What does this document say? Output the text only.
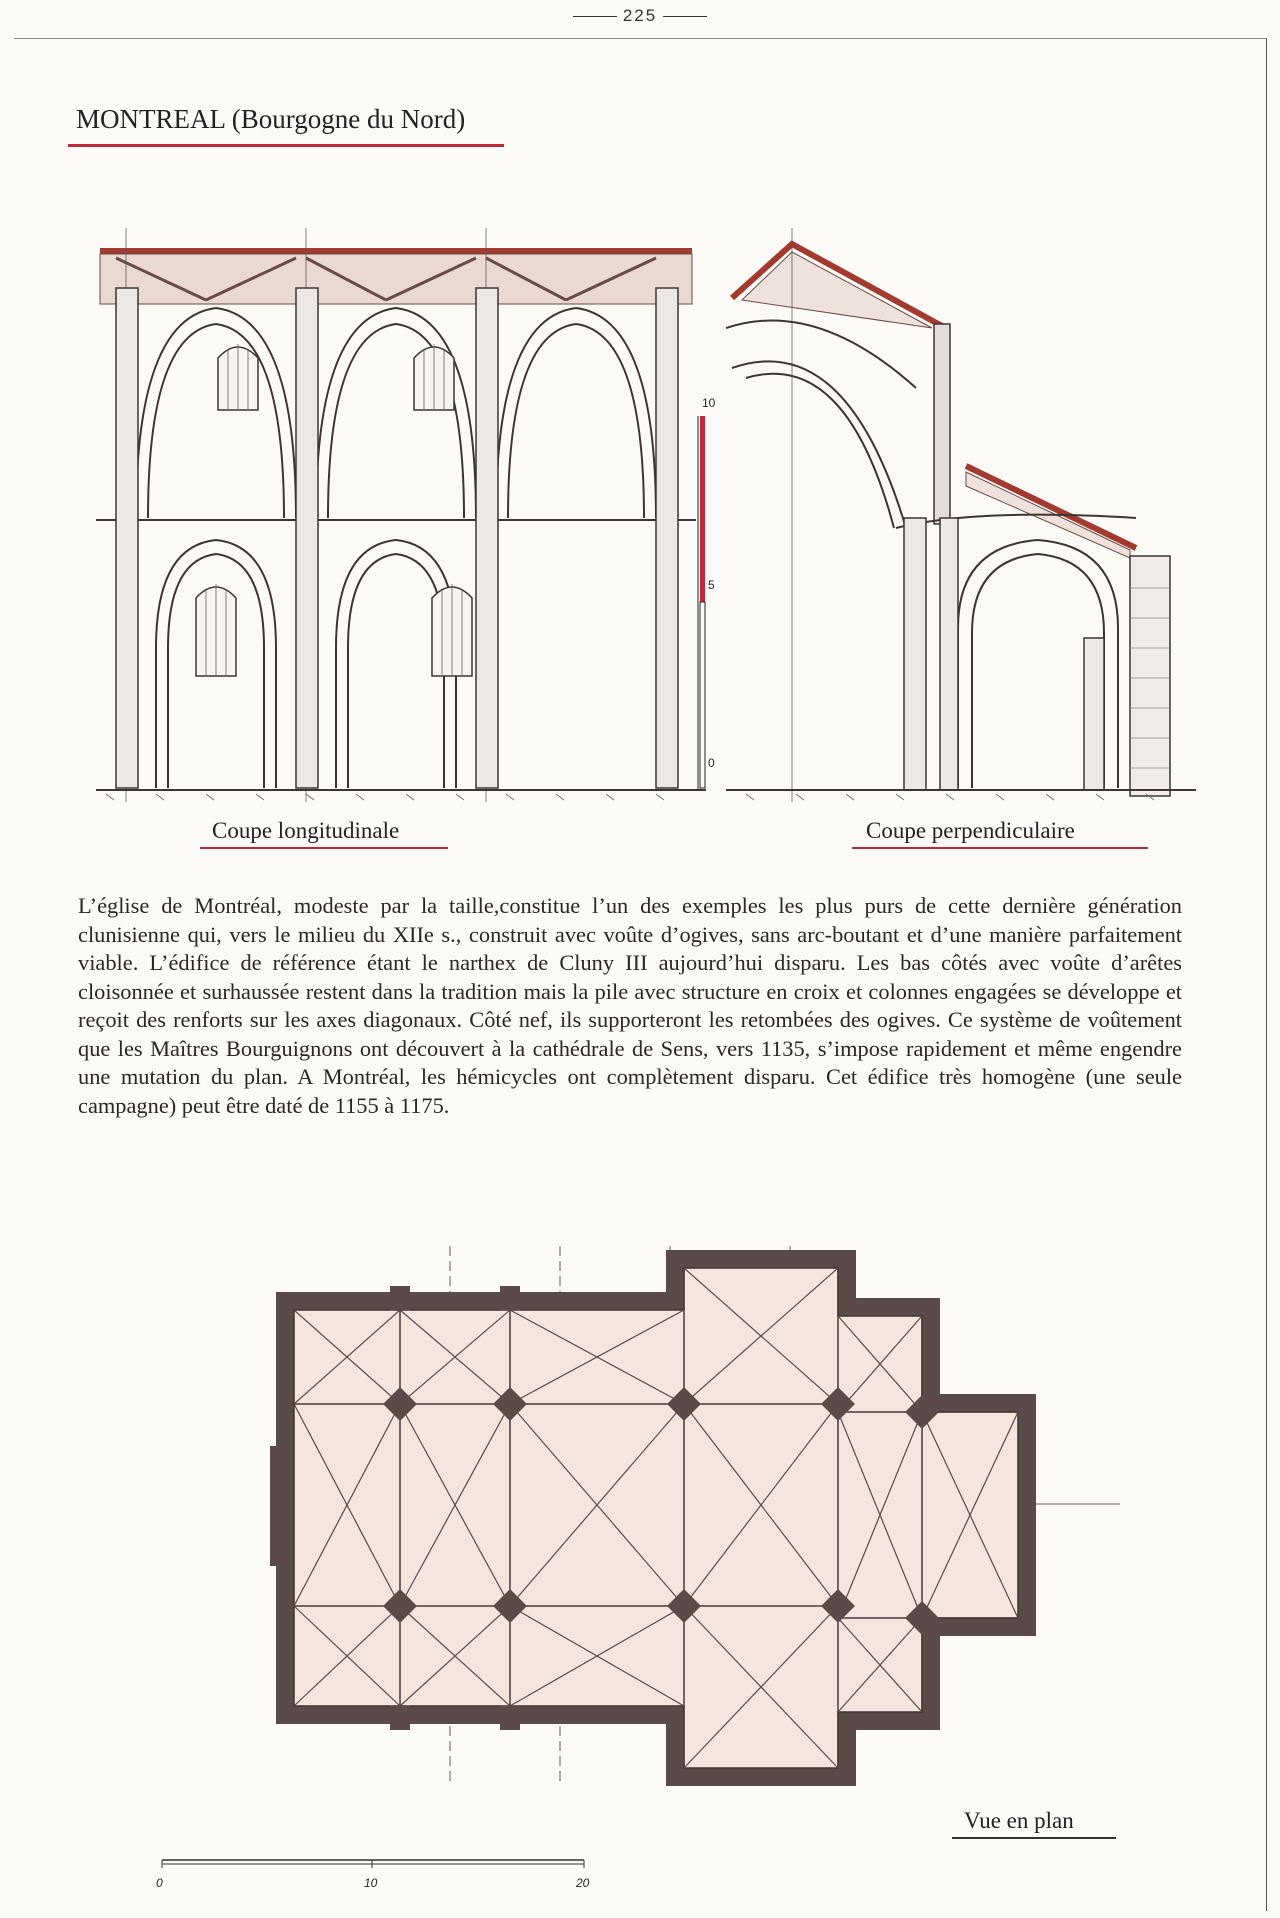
225
MONTREAL (Bourgogne du Nord)
10
5
0
Coupe longitudinale	Coupe perpendiculaire

L’église de Montréal, modeste par la taille,constitue l’un des exemples les plus purs de cette dernière génération clunisienne qui, vers le milieu du XIIe s., construit avec voûte d’ogives, sans arc-boutant et d’une manière parfaitement viable. L’édifice de référence étant le narthex de Cluny III aujourd’hui disparu. Les bas côtés avec voûte d’arêtes cloisonnée et surhaussée restent dans la tradition mais la pile avec structure en croix et colonnes engagées se développe et reçoit des renforts sur les axes diagonaux. Côté nef, ils supporteront les retombées des ogives. Ce système de voûtement que les Maîtres Bourguignons ont découvert à la cathédrale de Sens, vers 1135, s’impose rapidement et même engendre une mutation du plan. A Montréal, les hémicycles ont complètement disparu. Cet édifice très homogène (une seule campagne) peut être daté de 1155 à 1175.

Vue en plan
0	10	20
